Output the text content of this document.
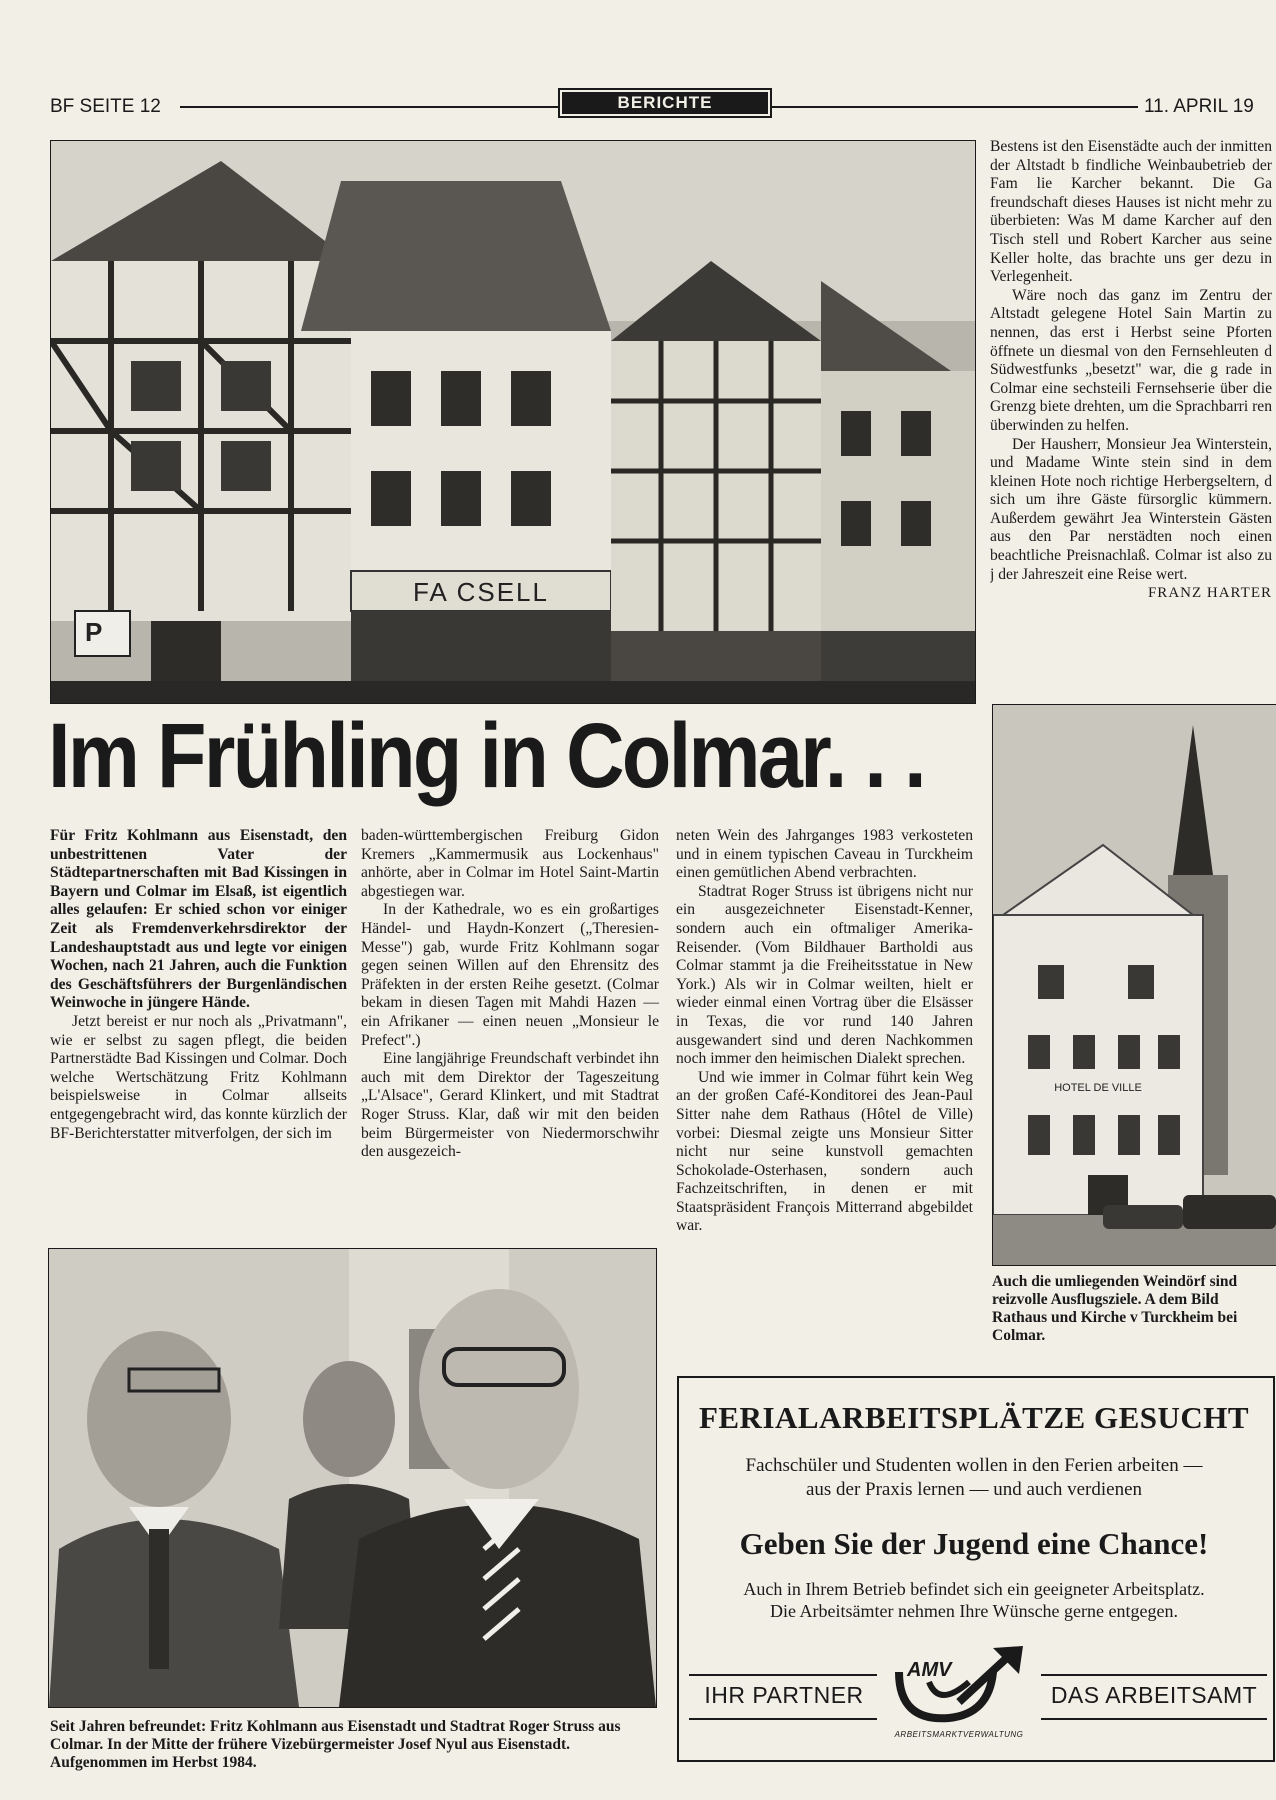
BF SEITE 12	BERICHTE	11. APRIL 19
P
FA CSELL
Im Frühling in Colmar. . .

Für Fritz Kohlmann aus Eisenstadt, den unbestrittenen Vater der Städtepartnerschaften mit Bad Kissingen in Bayern und Colmar im Elsaß, ist eigentlich alles gelaufen: Er schied schon vor einiger Zeit als Fremdenverkehrsdirektor der Landeshauptstadt aus und legte vor einigen Wochen, nach 21 Jahren, auch die Funktion des Geschäftsführers der Burgenländischen Weinwoche in jüngere Hände.

Jetzt bereist er nur noch als „Privatmann", wie er selbst zu sagen pflegt, die beiden Partnerstädte Bad Kissingen und Colmar. Doch welche Wertschätzung Fritz Kohlmann beispielsweise in Colmar allseits entgegengebracht wird, das konnte kürzlich der BF-Berichterstatter mitverfolgen, der sich im

baden-württembergischen Freiburg Gidon Kremers „Kammermusik aus Lockenhaus" anhörte, aber in Colmar im Hotel Saint-Martin abgestiegen war.

In der Kathedrale, wo es ein großartiges Händel- und Haydn-Konzert („Theresien-Messe") gab, wurde Fritz Kohlmann sogar gegen seinen Willen auf den Ehrensitz des Präfekten in der ersten Reihe gesetzt. (Colmar bekam in diesen Tagen mit Mahdi Hazen — ein Afrikaner — einen neuen „Monsieur le Prefect".)

Eine langjährige Freundschaft verbindet ihn auch mit dem Direktor der Tageszeitung „L'Alsace", Gerard Klinkert, und mit Stadtrat Roger Struss. Klar, daß wir mit den beiden beim Bürgermeister von Niedermorschwihr den ausgezeich-

neten Wein des Jahrganges 1983 verkosteten und in einem typischen Caveau in Turckheim einen gemütlichen Abend verbrachten.

Stadtrat Roger Struss ist übrigens nicht nur ein ausgezeichneter Eisenstadt-Kenner, sondern auch ein oftmaliger Amerika-Reisender. (Vom Bildhauer Bartholdi aus Colmar stammt ja die Freiheitsstatue in New York.) Als wir in Colmar weilten, hielt er wieder einmal einen Vortrag über die Elsässer in Texas, die vor rund 140 Jahren ausgewandert sind und deren Nachkommen noch immer den heimischen Dialekt sprechen.

Und wie immer in Colmar führt kein Weg an der großen Café-Konditorei des Jean-Paul Sitter nahe dem Rathaus (Hôtel de Ville) vorbei: Diesmal zeigte uns Monsieur Sitter nicht nur seine kunstvoll gemachten Schokolade-Osterhasen, sondern auch Fachzeitschriften, in denen er mit Staatspräsident François Mitterrand abgebildet war.

Bestens ist den Eisenstädte auch der inmitten der Altstadt b findliche Weinbaubetrieb der Fam lie Karcher bekannt. Die Ga freundschaft dieses Hauses ist nicht mehr zu überbieten: Was M dame Karcher auf den Tisch stell und Robert Karcher aus seine Keller holte, das brachte uns ger dezu in Verlegenheit.

Wäre noch das ganz im Zentru der Altstadt gelegene Hotel Sain Martin zu nennen, das erst i Herbst seine Pforten öffnete un diesmal von den Fernsehleuten d Südwestfunks „besetzt" war, die g rade in Colmar eine sechsteili Fernsehserie über die Grenzg biete drehten, um die Sprachbarri ren überwinden zu helfen.

Der Hausherr, Monsieur Jea Winterstein, und Madame Winte stein sind in dem kleinen Hote noch richtige Herbergseltern, d sich um ihre Gäste fürsorglic kümmern. Außerdem gewährt Jea Winterstein Gästen aus den Par nerstädten noch einen beachtliche Preisnachlaß. Colmar ist also zu j der Jahreszeit eine Reise wert.

FRANZ HARTER
HOTEL DE VILLE
Auch die umliegenden Weindörf sind reizvolle Ausflugsziele. A dem Bild Rathaus und Kirche v Turckheim bei Colmar.
Seit Jahren befreundet: Fritz Kohlmann aus Eisenstadt und Stadtrat Roger Struss aus Colmar. In der Mitte der frühere Vizebürgermeister Josef Nyul aus Eisenstadt. Aufgenommen im Herbst 1984.
FERIALARBEITSPLÄTZE GESUCHT
Fachschüler und Studenten wollen in den Ferien arbeiten —
aus der Praxis lernen — und auch verdienen
Geben Sie der Jugend eine Chance!
Auch in Ihrem Betrieb befindet sich ein geeigneter Arbeitsplatz.
Die Arbeitsämter nehmen Ihre Wünsche gerne entgegen.
IHR PARTNER
AMV
ARBEITSMARKTVERWALTUNG
DAS ARBEITSAMT
